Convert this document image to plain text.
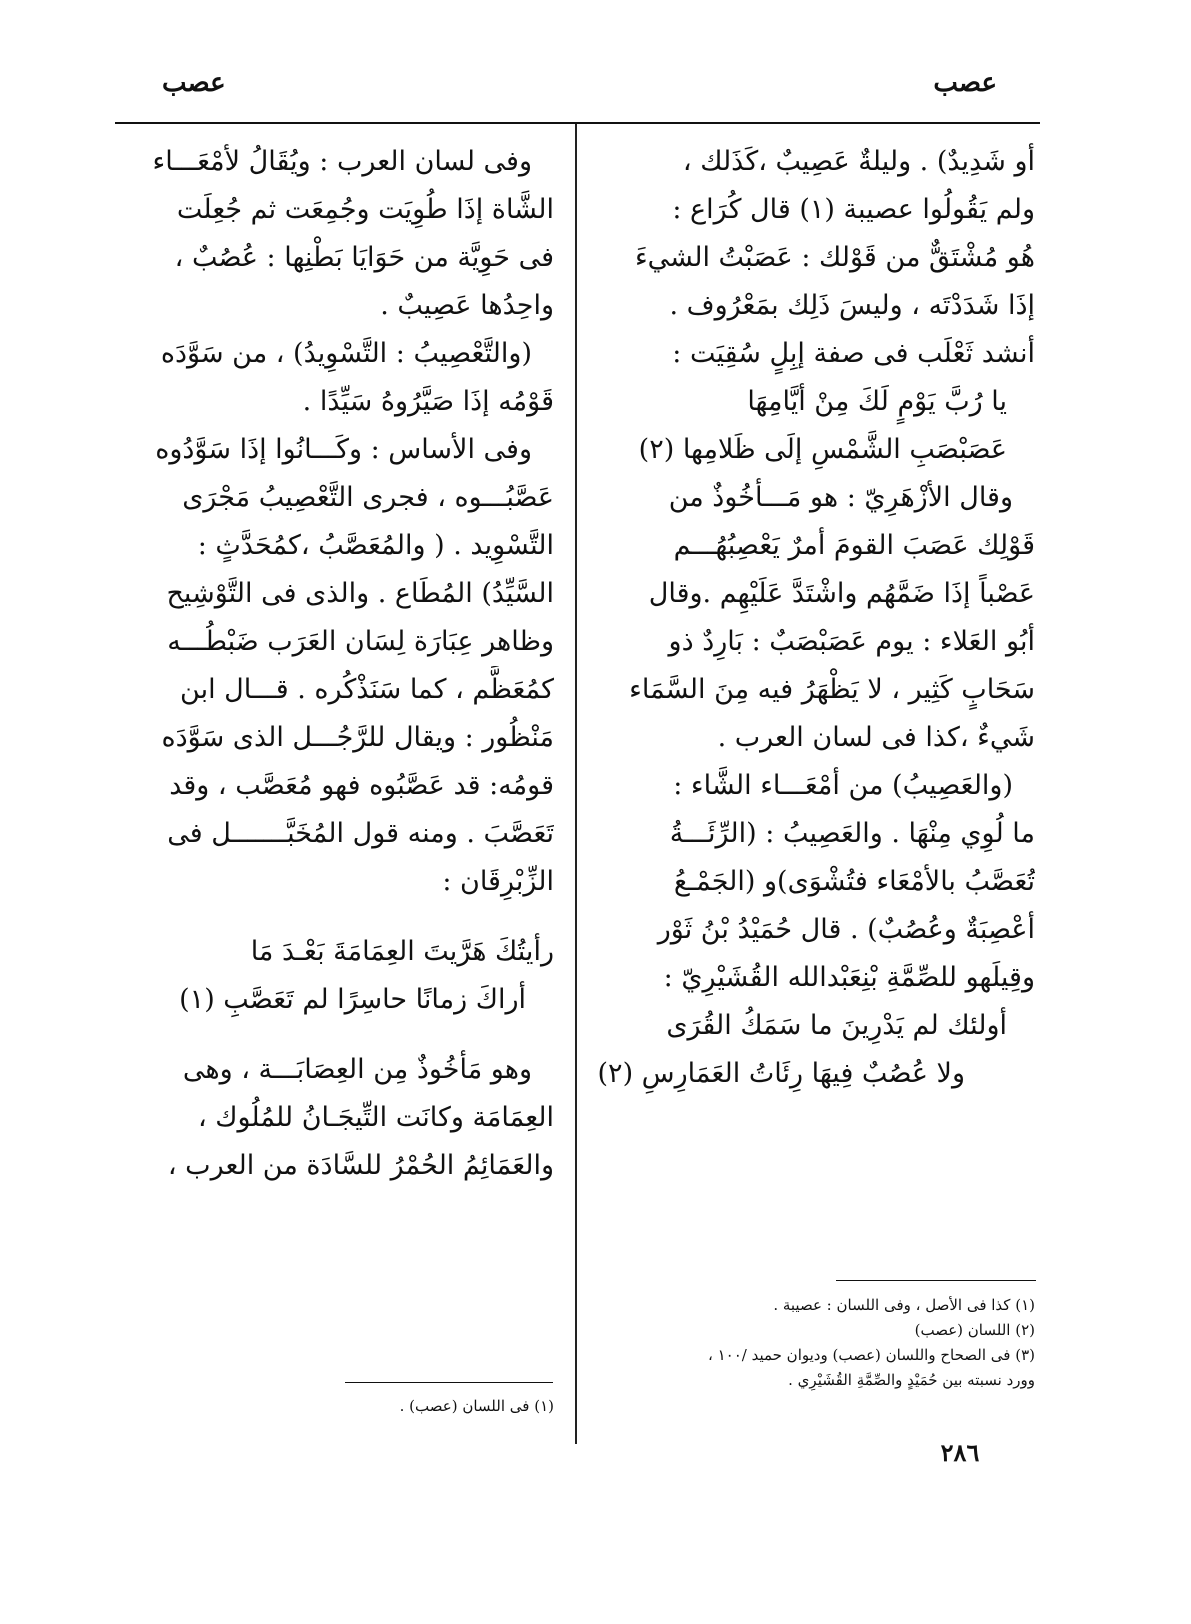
عصب
عصب
أو شَدِيدٌ) . وليلةٌ عَصِيبٌ ،كَذَلك ،
ولم يَقُولُوا عصيبة (١) قال كُرَاع :
هُو مُشْتَقٌّ من قَوْلك : عَصَبْتُ الشيءَ
إذَا شَدَدْتَه ، وليسَ ذَلِك بمَعْرُوف .
أنشد ثَعْلَب فى صفة إبِلٍ سُقِيَت :
يا رُبَّ يَوْمٍ لَكَ مِنْ أيَّامِهَا
عَصَبْصَبِ الشَّمْسِ إلَى ظَلامِها (٢)
وقال الأزْهَرِيّ : هو مَـــأخُوذٌ من
قَوْلِك عَصَبَ القومَ أمرٌ يَعْصِبُهُـــم
عَصْباً إذَا ضَمَّهُم واشْتَدَّ عَلَيْهِم .وقال
أبُو العَلاء : يوم عَصَبْصَبٌ : بَارِدٌ ذو
سَحَابٍ كَثِير ، لا يَظْهَرُ فيه مِنَ السَّمَاء
شَيءٌ ،كذا فى لسان العرب .
(والعَصِيبُ) من أمْعَـــاء الشَّاء :
ما لُوِي مِنْهَا . والعَصِيبُ : (الرِّئَـــةُ
تُعَصَّبُ بالأمْعَاء فتُشْوَى)و (الجَمْـعُ
أعْصِبَةٌ وعُصُبٌ) . قال حُمَيْدُ بْنُ ثَوْر
وقِيلَهو للصِّمَّةِ بْنِعَبْدالله القُشَيْرِيّ :
أولئك لم يَدْرِينَ ما سَمَكُ القُرَى
ولا عُصُبٌ فِيهَا رِئَاتُ العَمَارِسِ (٢)
وفى لسان العرب : ويُقَالُ لأمْعَـــاء
الشَّاة إذَا طُوِيَت وجُمِعَت ثم جُعِلَت
فى حَوِيَّة من حَوَايَا بَطْنِها : عُصُبٌ ،
واحِدُها عَصِيبٌ .
(والتَّعْصِيبُ : التَّسْوِيدُ) ، من سَوَّدَه
قَوْمُه إذَا صَيَّرُوهُ سَيِّدًا .
وفى الأساس : وكَـــانُوا إذَا سَوَّدُوه
عَصَّبُـــوه ، فجرى التَّعْصِيبُ مَجْرَى
التَّسْوِيد . ( والمُعَصَّبُ ،كمُحَدَّثٍ :
السَّيِّدُ) المُطَاع . والذى فى التَّوْشِيح
وظاهر عِبَارَة لِسَان العَرَب ضَبْطُـــه
كمُعَظَّم ، كما سَنَذْكُره . قـــال ابن
مَنْظُور : ويقال للرَّجُـــل الذى سَوَّدَه
قومُه: قد عَصَّبُوه فهو مُعَصَّب ، وقد
تَعَصَّبَ . ومنه قول المُخَبَّـــــــل فى
الزِّبْرِقَان :
رأيتُكَ هَرَّيتَ العِمَامَةَ بَعْـدَ مَا
أراكَ زمانًا حاسِرًا لم تَعَصَّبِ (١)
وهو مَأخُوذٌ مِن العِصَابَـــة ، وهى
العِمَامَة وكانَت التِّيجَـانُ للمُلُوك ،
والعَمَائِمُ الحُمْرُ للسَّادَة من العرب ،
(١) كذا فى الأصل ، وفى اللسان : عصيبة .
(٢) اللسان (عصب)
(٣) فى الصحاح واللسان (عصب) وديوان حميد /١٠٠ ،
وورد نسبته بين حُمَيْدٍ والصِّمَّةِ القُشَيْرِي .
(١) فى اللسان (عصب) .
٢٨٦
